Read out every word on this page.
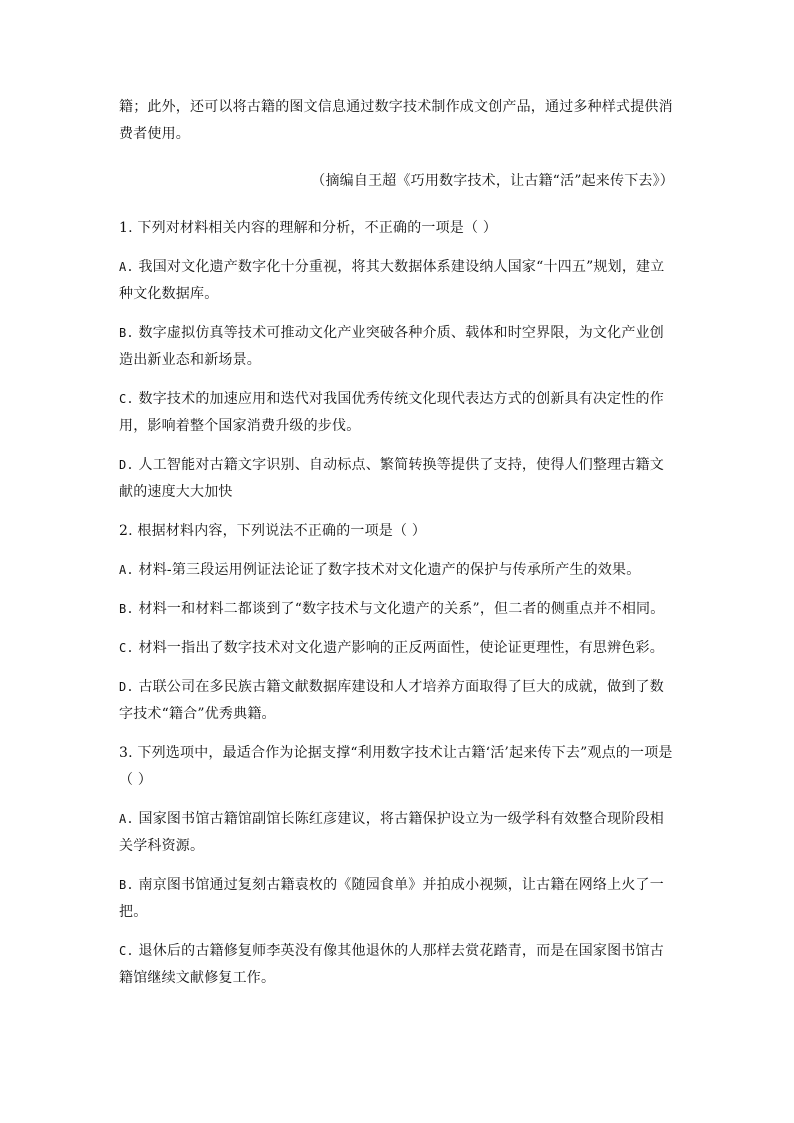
籍；此外，还可以将古籍的图文信息通过数字技术制作成文创产品，通过多种样式提供消费者使用。

（摘编自王超《巧用数字技术，让古籍“活”起来传下去》）

1. 下列对材料相关内容的理解和分析，不正确的一项是（ ）

A. 我国对文化遗产数字化十分重视，将其大数据体系建设纳人国家“十四五”规划，建立种文化数据库。

B. 数字虚拟仿真等技术可推动文化产业突破各种介质、载体和时空界限，为文化产业创造出新业态和新场景。

C. 数字技术的加速应用和迭代对我国优秀传统文化现代表达方式的创新具有决定性的作用，影响着整个国家消费升级的步伐。

D. 人工智能对古籍文字识别、自动标点、繁简转换等提供了支持，使得人们整理古籍文献的速度大大加快

2. 根据材料内容，下列说法不正确的一项是（ ）

A. 材料-第三段运用例证法论证了数字技术对文化遗产的保护与传承所产生的效果。

B. 材料一和材料二都谈到了“数字技术与文化遗产的关系”，但二者的侧重点并不相同。

C. 材料一指出了数字技术对文化遗产影响的正反两面性，使论证更理性，有思辨色彩。

D. 古联公司在多民族古籍文献数据库建设和人才培养方面取得了巨大的成就，做到了数字技术“籍合”优秀典籍。

3. 下列选项中，最适合作为论据支撑“利用数字技术让古籍‘活’起来传下去”观点的一项是（ ）

A. 国家图书馆古籍馆副馆长陈红彦建议，将古籍保护设立为一级学科有效整合现阶段相关学科资源。

B. 南京图书馆通过复刻古籍袁枚的《随园食单》并拍成小视频，让古籍在网络上火了一把。

C. 退休后的古籍修复师李英没有像其他退休的人那样去赏花踏青，而是在国家图书馆古籍馆继续文献修复工作。
